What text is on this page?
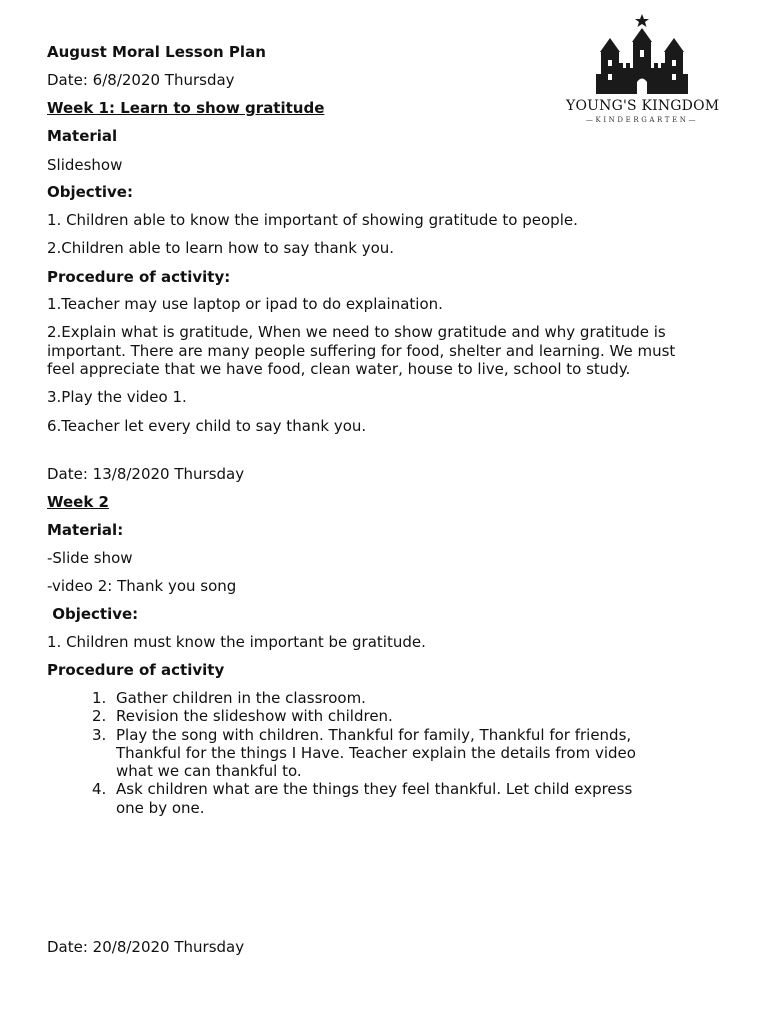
YOUNG'S KINGDOM
—KINDERGARTEN—
August Moral Lesson Plan
Date: 6/8/2020 Thursday
Week 1: Learn to show gratitude
Material
Slideshow
Objective:
1. Children able to know the important of showing gratitude to people.
2.Children able to learn how to say thank you.
Procedure of activity:
1.Teacher may use laptop or ipad to do explaination.
2.Explain what is gratitude, When we need to show gratitude and why gratitude is important. There are many people suffering for food, shelter and learning. We must feel appreciate that we have food, clean water, house to live, school to study.
3.Play the video 1.
6.Teacher let every child to say thank you.
Date: 13/8/2020 Thursday
Week 2
Material:
-Slide show
-video 2: Thank you song
Objective:
1. Children must know the important be gratitude.
Procedure of activity
Date: 20/8/2020 Thursday
1. Gather children in the classroom.
2. Revision the slideshow with children.
3. Play the song with children. Thankful for family, Thankful for friends, Thankful for the things I Have. Teacher explain the details from video what we can thankful to.
4. Ask children what are the things they feel thankful. Let child express one by one.
